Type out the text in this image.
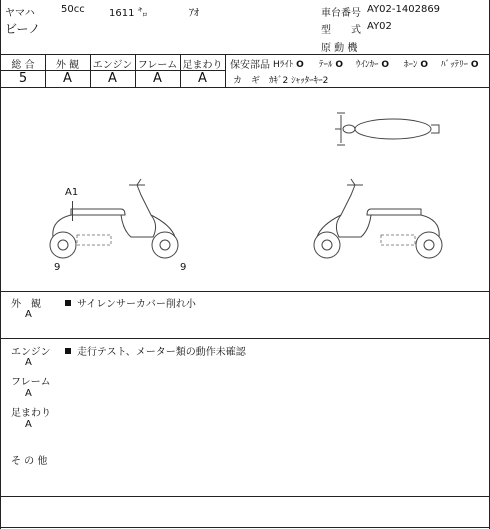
ヤマハ
ビーノ
50cc 1611 ㌔	ｱｵ	車台番号 AY02-1402869
型　　式 AY02
原 動 機
総 合	外 観	エンジン フレーム 足まわり
5	A	A	A	A
保安部品 Hﾗｲﾄ O ﾃｰﾙ O ｳｲﾝｶｰ O ﾎｰﾝ O ﾊﾞｯﾃﾘｰ O
カ　ギ ｶｷﾞ2 ｼｬｯﾀｰｷｰ2
A1
9	9
外　観
A
サイレンサーカバー削れ小
エンジン
A
走行テスト、メーター類の動作未確認
フレーム
A
足まわり
A
そ の 他
